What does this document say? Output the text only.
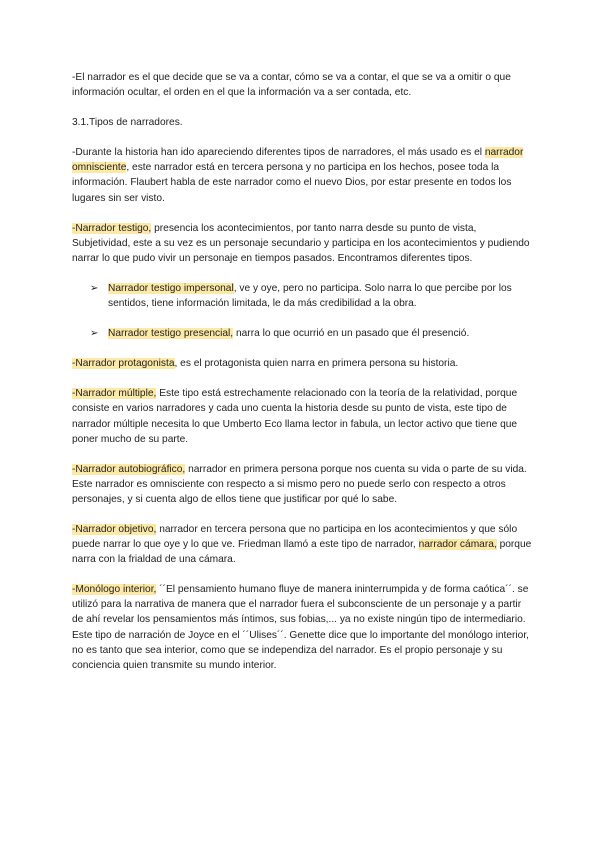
-El narrador es el que decide que se va a contar, cómo se va a contar, el que se va a omitir o que información ocultar, el orden en el que la información va a ser contada, etc.

3.1.Tipos de narradores.

-Durante la historia han ido apareciendo diferentes tipos de narradores, el más usado es el narrador omnisciente, este narrador está en tercera persona y no participa en los hechos, posee toda la información. Flaubert habla de este narrador como el nuevo Dios, por estar presente en todos los lugares sin ser visto.

-Narrador testigo, presencia los acontecimientos, por tanto narra desde su punto de vista, Subjetividad, este a su vez es un personaje secundario y participa en los acontecimientos y pudiendo narrar lo que pudo vivir un personaje en tiempos pasados. Encontramos diferentes tipos.

➢ Narrador testigo impersonal, ve y oye, pero no participa. Solo narra lo que percibe por los sentidos, tiene información limitada, le da más credibilidad a la obra.
➢ Narrador testigo presencial, narra lo que ocurrió en un pasado que él presenció.

-Narrador protagonista, es el protagonista quien narra en primera persona su historia.

-Narrador múltiple, Este tipo está estrechamente relacionado con la teoría de la relatividad, porque consiste en varios narradores y cada uno cuenta la historia desde su punto de vista, este tipo de narrador múltiple necesita lo que Umberto Eco llama lector in fabula, un lector activo que tiene que poner mucho de su parte.

-Narrador autobiográfico, narrador en primera persona porque nos cuenta su vida o parte de su vida. Este narrador es omnisciente con respecto a si mismo pero no puede serlo con respecto a otros personajes, y si cuenta algo de ellos tiene que justificar por qué lo sabe.

-Narrador objetivo, narrador en tercera persona que no participa en los acontecimientos y que sólo puede narrar lo que oye y lo que ve. Friedman llamó a este tipo de narrador, narrador cámara, porque narra con la frialdad de una cámara.

-Monólogo interior, ´´El pensamiento humano fluye de manera ininterrumpida y de forma caótica´´. se utilizó para la narrativa de manera que el narrador fuera el subconsciente de un personaje y a partir de ahí revelar los pensamientos más íntimos, sus fobias,... ya no existe ningún tipo de intermediario. Este tipo de narración de Joyce en el ´´Ulises´´. Genette dice que lo importante del monólogo interior, no es tanto que sea interior, como que se independiza del narrador. Es el propio personaje y su conciencia quien transmite su mundo interior.
